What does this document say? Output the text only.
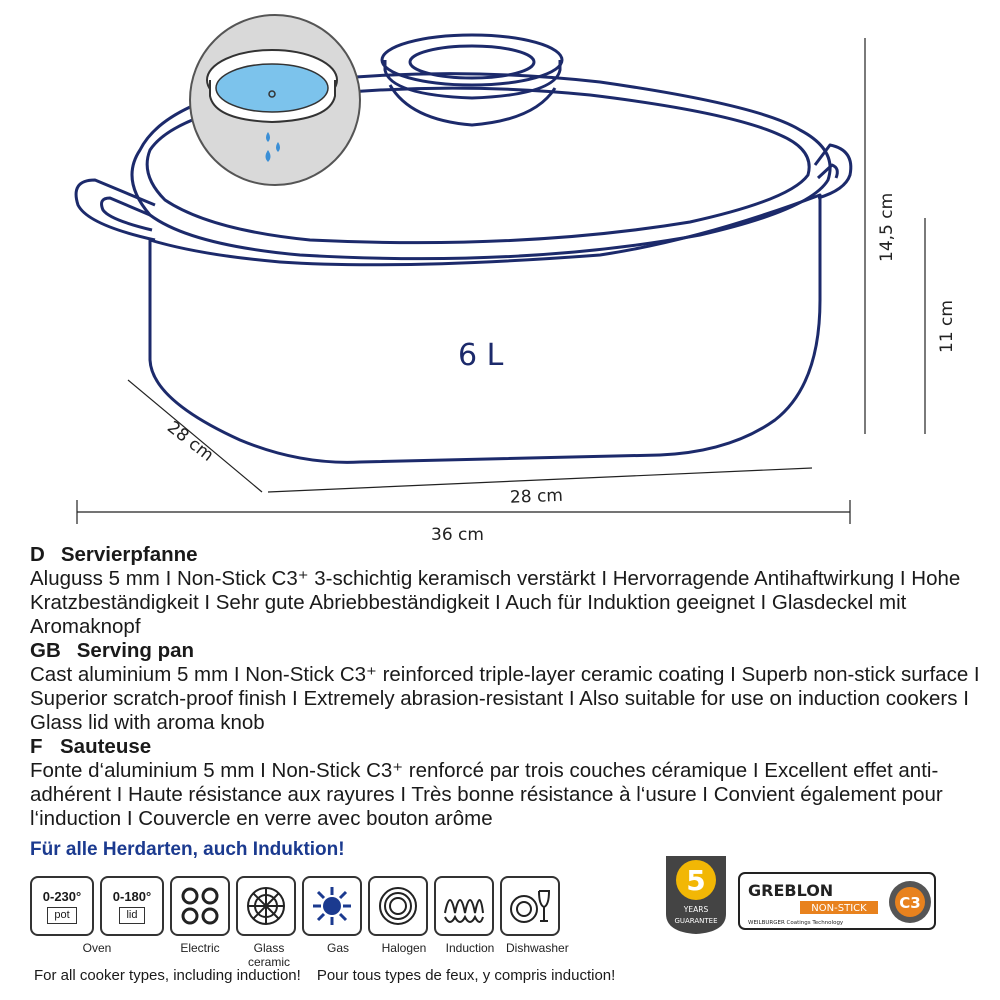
6 L
28 cm
28 cm
36 cm
14,5 cm
11 cm
D Servierpfanne

Aluguss 5 mm I Non-Stick C3⁺ 3-schichtig keramisch verstärkt I Hervorragende Antihaftwirkung I Hohe Kratzbeständigkeit I Sehr gute Abriebbeständigkeit I Auch für Induktion geeignet I Glasdeckel mit Aromaknopf

GB Serving pan

Cast aluminium 5 mm I Non-Stick C3⁺ reinforced triple-layer ceramic coating I Superb non-stick surface I Superior scratch-proof finish I Extremely abrasion-resistant I Also suitable for use on induction cookers I Glass lid with aroma knob

F Sauteuse

Fonte d‘aluminium 5 mm I Non-Stick C3⁺ renforcé par trois couches céramique I Excellent effet anti-adhérent I Haute résistance aux rayures I Très bonne résistance à l‘usure I Convient également pour l‘induction I Couvercle en verre avec bouton arôme

Für alle Herdarten, auch Induktion!
0-230°
pot
0-180°
lid
Oven	Electric	Glass ceramic
Gas	Halogen	Induction Dishwasher
5
YEARS
GUARANTEE
GREBLON
NON-STICK
WEILBURGER Coatings Technology
C3
For all cooker types, including induction! Pour tous types de feux, y compris induction!
